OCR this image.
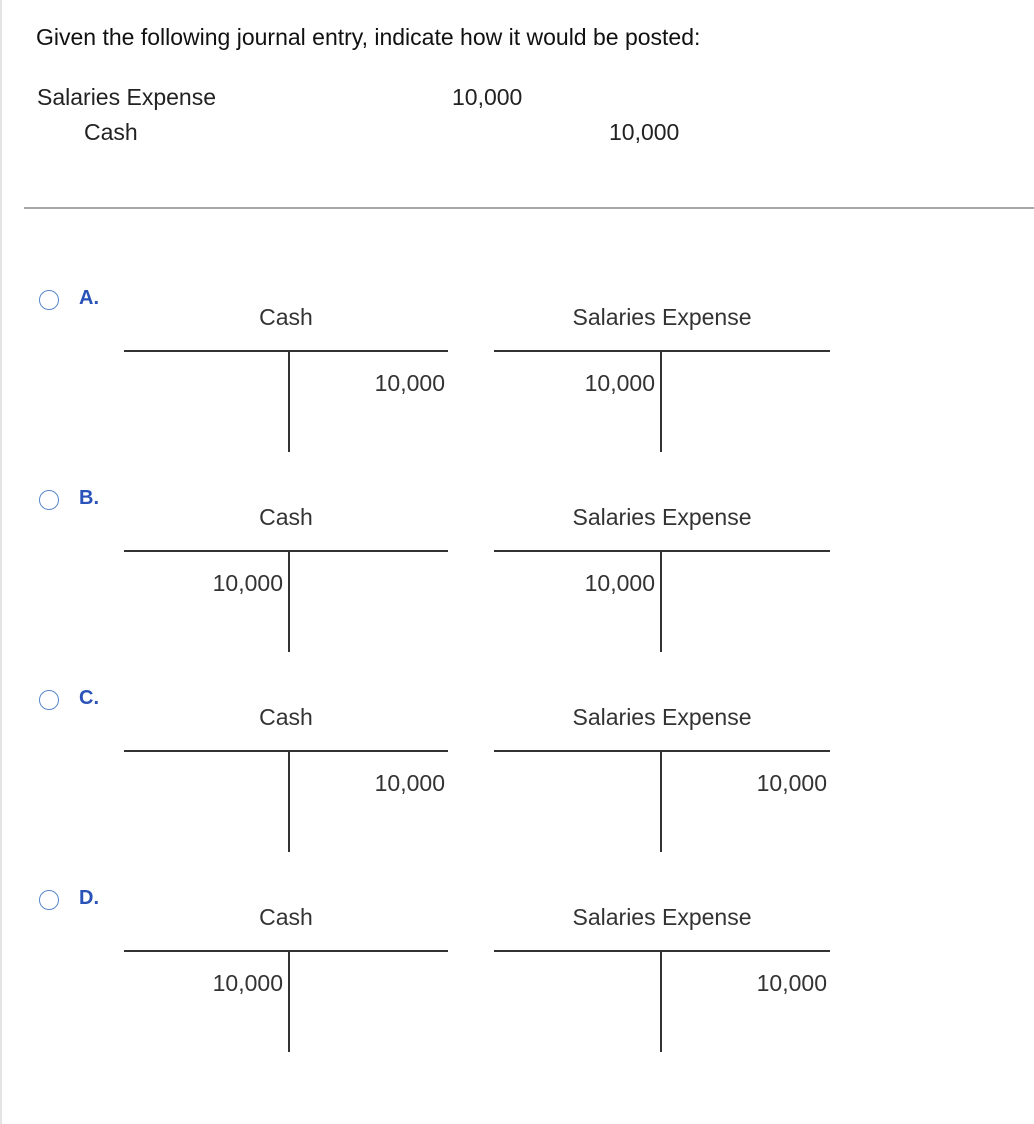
Given the following journal entry, indicate how it would be posted:
Salaries Expense	10,000
Cash	10,000
A.
Cash
10,000
Salaries Expense
10,000
B.
Cash
10,000
Salaries Expense
10,000
C.
Cash
10,000
Salaries Expense
10,000
D.
Cash
10,000
Salaries Expense
10,000
